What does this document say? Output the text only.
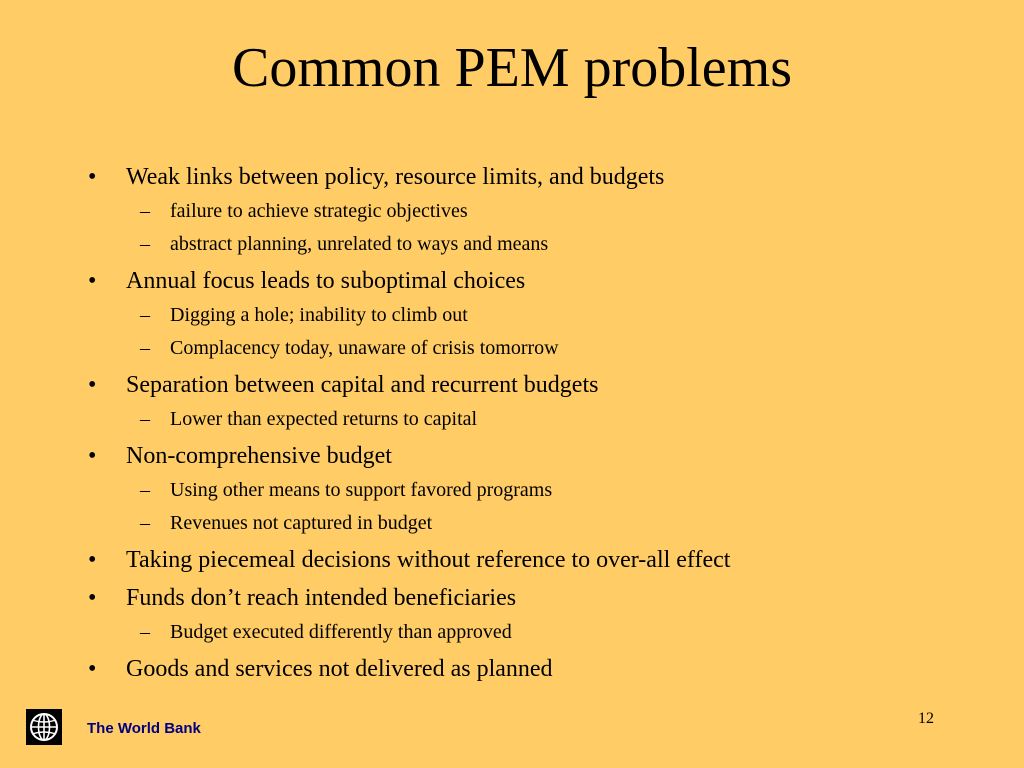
Common PEM problems
• Weak links between policy, resource limits, and budgets
– failure to achieve strategic objectives
– abstract planning, unrelated to ways and means
• Annual focus leads to suboptimal choices
– Digging a hole; inability to climb out
– Complacency today, unaware of crisis tomorrow
• Separation between capital and recurrent budgets
– Lower than expected returns to capital
• Non-comprehensive budget
– Using other means to support favored programs
– Revenues not captured in budget
• Taking piecemeal decisions without reference to over-all effect
• Funds don’t reach intended beneficiaries
– Budget executed differently than approved
• Goods and services not delivered as planned
The World Bank
12
